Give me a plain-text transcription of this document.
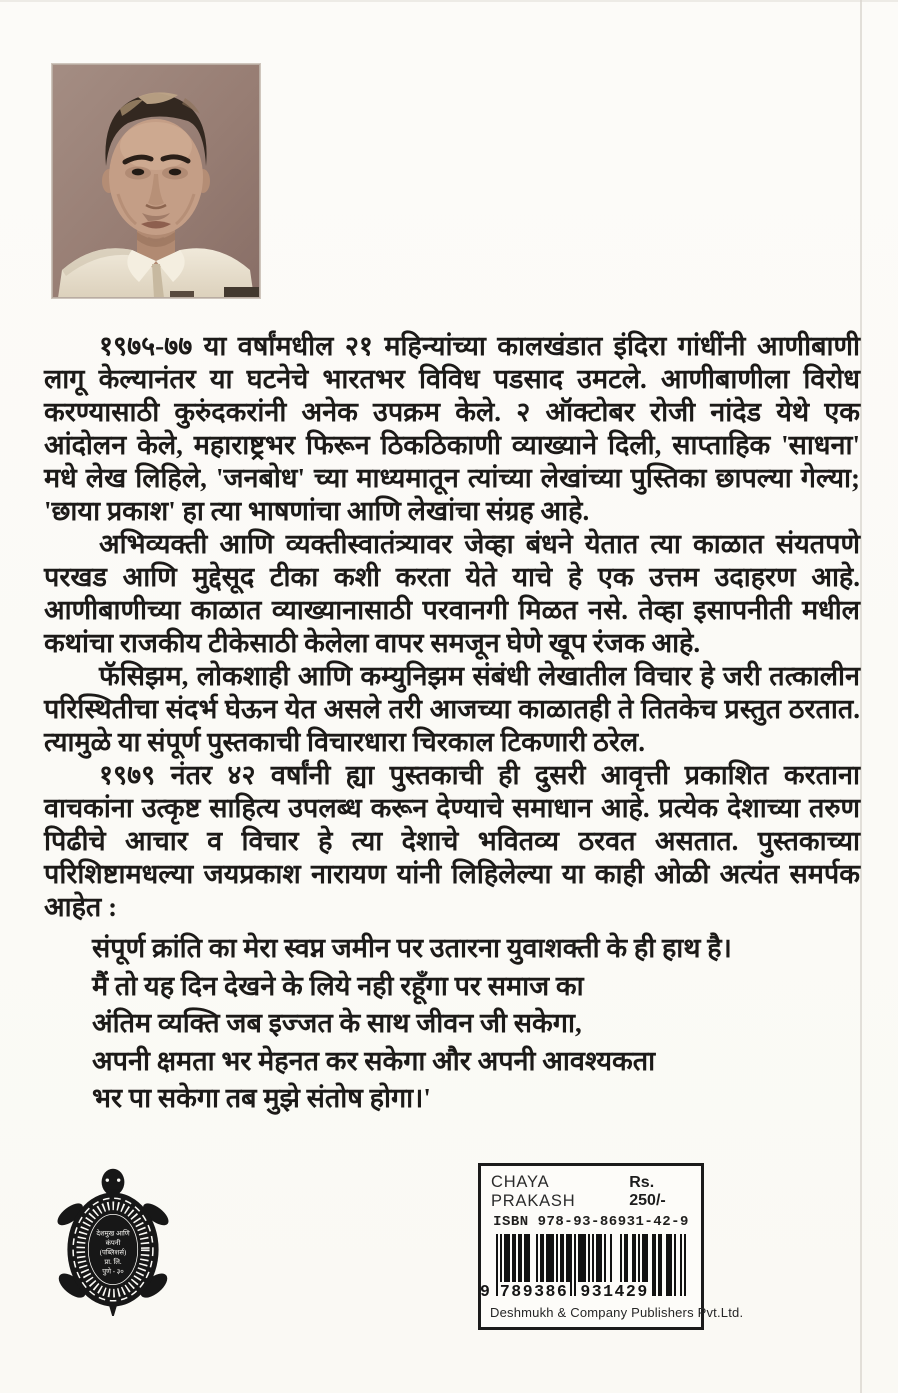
१९७५-७७ या वर्षांमधील २१ महिन्यांच्या कालखंडात इंदिरा गांधींनी आणीबाणी लागू केल्यानंतर या घटनेचे भारतभर विविध पडसाद उमटले. आणीबाणीला विरोध करण्यासाठी कुरुंदकरांनी अनेक उपक्रम केले. २ ऑक्टोबर रोजी नांदेड येथे एक आंदोलन केले, महाराष्ट्रभर फिरून ठिकठिकाणी व्याख्याने दिली, साप्ताहिक 'साधना' मधे लेख लिहिले, 'जनबोध' च्या माध्यमातून त्यांच्या लेखांच्या पुस्तिका छापल्या गेल्या; 'छाया प्रकाश' हा त्या भाषणांचा आणि लेखांचा संग्रह आहे.

अभिव्यक्ती आणि व्यक्तीस्वातंत्र्यावर जेव्हा बंधने येतात त्या काळात संयतपणे परखड आणि मुद्देसूद टीका कशी करता येते याचे हे एक उत्तम उदाहरण आहे. आणीबाणीच्या काळात व्याख्यानासाठी परवानगी मिळत नसे. तेव्हा इसापनीती मधील कथांचा राजकीय टीकेसाठी केलेला वापर समजून घेणे खूप रंजक आहे.

फॅसिझम, लोकशाही आणि कम्युनिझम संबंधी लेखातील विचार हे जरी तत्कालीन परिस्थितीचा संदर्भ घेऊन येत असले तरी आजच्या काळातही ते तितकेच प्रस्तुत ठरतात. त्यामुळे या संपूर्ण पुस्तकाची विचारधारा चिरकाल टिकणारी ठरेल.

१९७९ नंतर ४२ वर्षांनी ह्या पुस्तकाची ही दुसरी आवृत्ती प्रकाशित करताना वाचकांना उत्कृष्ट साहित्य उपलब्ध करून देण्याचे समाधान आहे. प्रत्येक देशाच्या तरुण पिढीचे आचार व विचार हे त्या देशाचे भवितव्य ठरवत असतात. पुस्तकाच्या परिशिष्टामधल्या जयप्रकाश नारायण यांनी लिहिलेल्या या काही ओळी अत्यंत समर्पक आहेत :

संपूर्ण क्रांति का मेरा स्वप्न जमीन पर उतारना युवाशक्ती के ही हाथ है।
मैं तो यह दिन देखने के लिये नही रहूँगा पर समाज का
अंतिम व्यक्ति जब इज्जत के साथ जीवन जी सकेगा,
अपनी क्षमता भर मेहनत कर सकेगा और अपनी आवश्यकता
भर पा सकेगा तब मुझे संतोष होगा।'
देशमुख आणि
कंपनी
(पब्लिशर्स)
प्रा. लि.
पुणे - ३०
CHAYA PRAKASH
Rs. 250/-
ISBN 978-93-86931-42-9
9 789386 931429
Deshmukh & Company Publishers Pvt.Ltd.
